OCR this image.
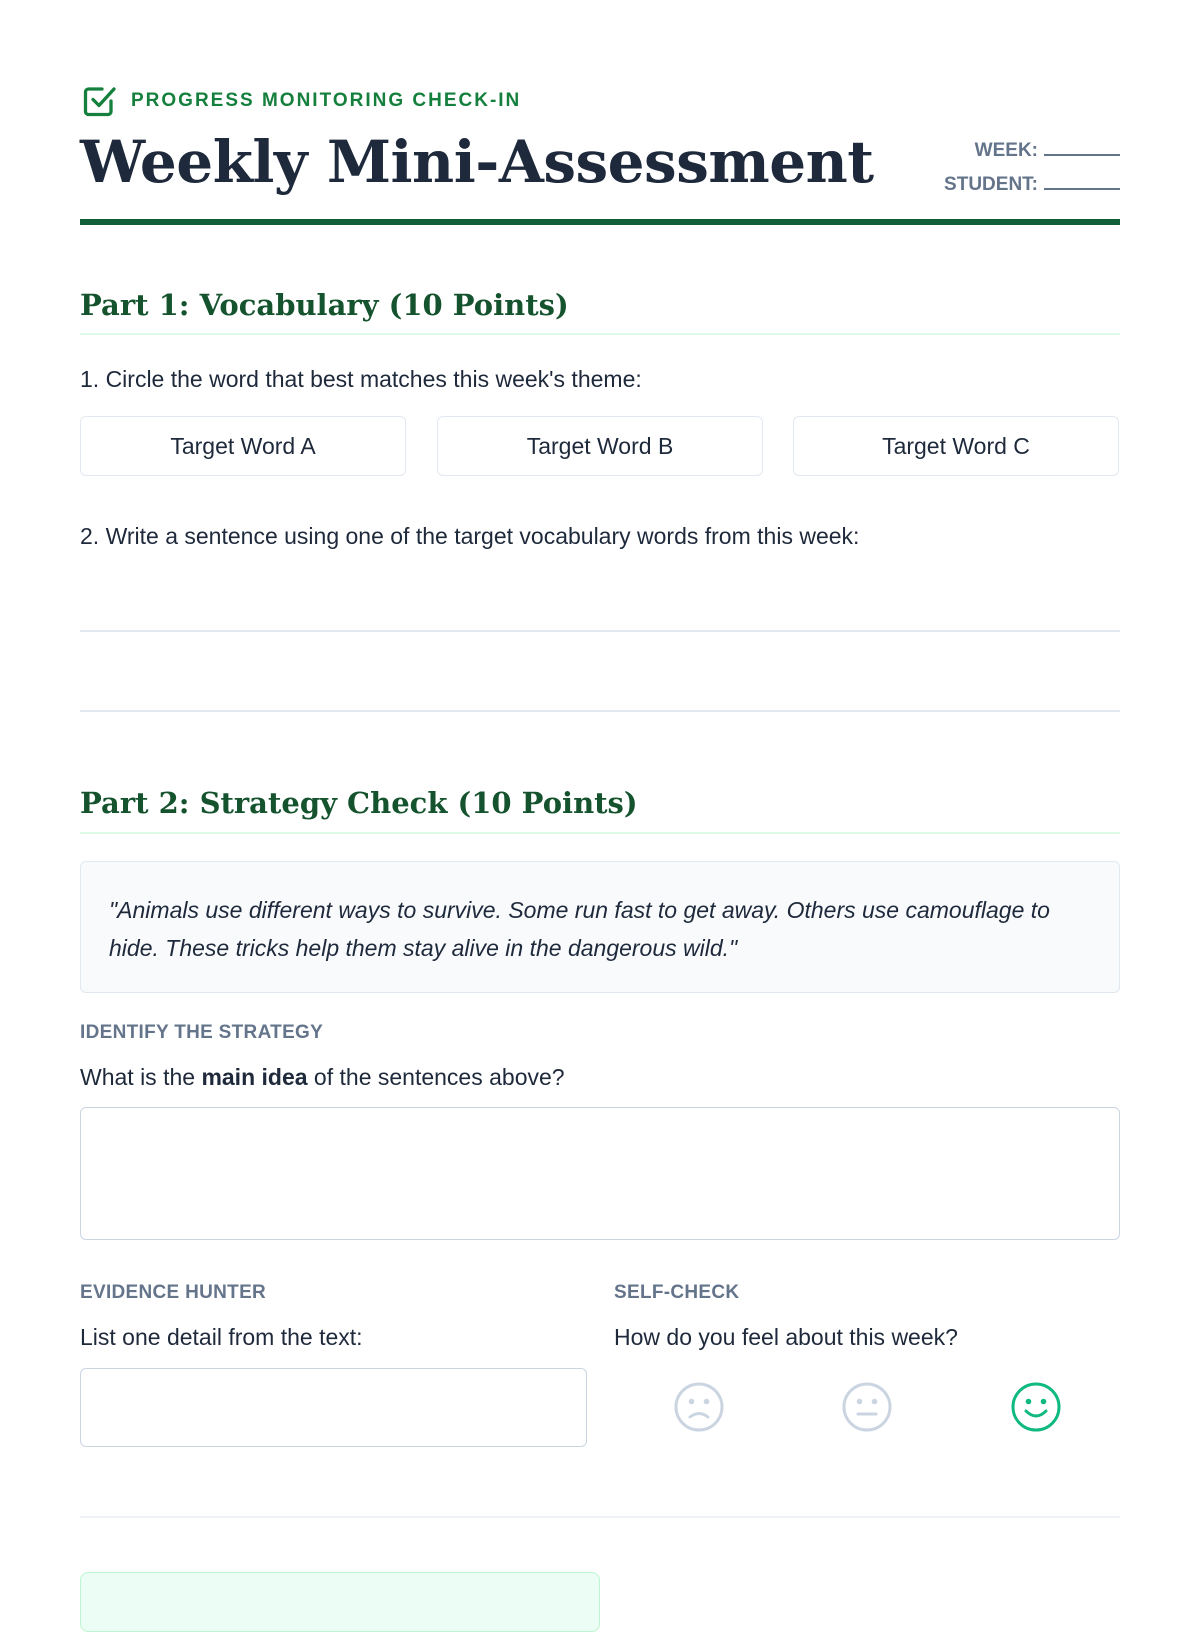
PROGRESS MONITORING CHECK-IN
Weekly Mini-Assessment	WEEK:
STUDENT:
Part 1: Vocabulary (10 Points)
1. Circle the word that best matches this week's theme:
Target Word A	Target Word B	Target Word C
2. Write a sentence using one of the target vocabulary words from this week:
Part 2: Strategy Check (10 Points)
"Animals use different ways to survive. Some run fast to get away. Others use camouflage to hide. These tricks help them stay alive in the dangerous wild."
IDENTIFY THE STRATEGY
What is the main idea of the sentences above?
EVIDENCE HUNTER
List one detail from the text:
SELF-CHECK
How do you feel about this week?
